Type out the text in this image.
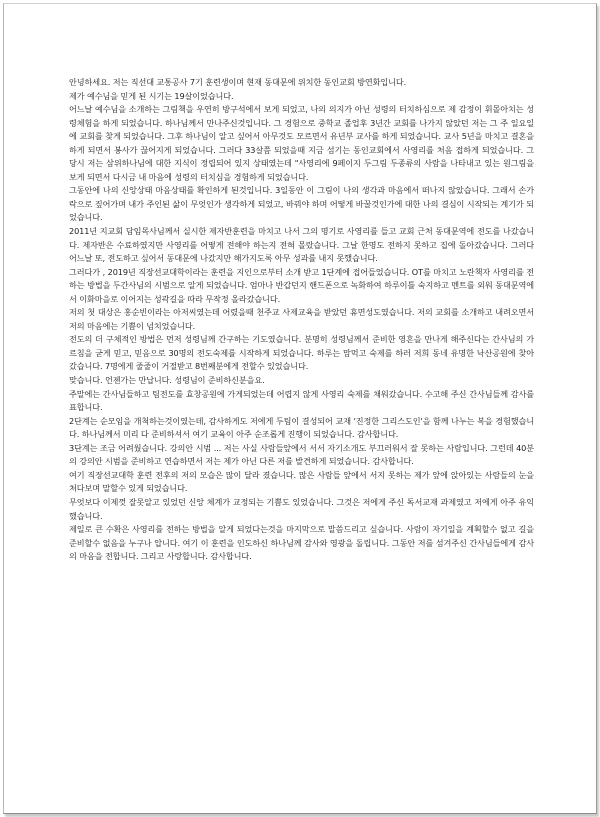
안녕하세요. 저는 직선대 교통공사 7기 훈련생이며 현재 동대문에 위치한 동인교회 방연화입니다.

제가 예수님을 믿게 된 시기는 19살이었습니다.

어느날 예수님을 소개하는 그림책을 우연히 방구석에서 보게 되었고, 나의 의지가 아닌 성령의 터치하심으로 제 감정이 휘몰아치는 성령체험을 하게 되었습니다. 하나님께서 만나주신것입니다. 그 경험으로 중학교 졸업후 3년간 교회를 나가지 않았던 저는 그 주 일요일에 교회를 찾게 되었습니다. 그후 하나님이 알고 싶어서 아무것도 모르면서 유년부 교사를 하게 되었습니다. 교사 5년을 마치고 결혼을 하게 되면서 봉사가 끊어지게 되었습니다. 그러다 33살쯤 되었을때 지금 섬기는 동인교회에서 사영리를 처음 접하게 되었습니다. 그 당시 저는 삼위하나님에 대한 지식이 정립되어 있지 상태였는데 "사영리에 9페이지 두그림 두종류의 사람을 나타내고 있는 원그림을 보게 되면서 다시금 내 마음에 성령의 터치심을 경험하게 되었습니다.

그동안에 나의 신앙상태 마음상태를 확인하게 된것입니다. 3일동안 이 그림이 나의 생각과 마음에서 떠나지 않았습니다. 그래서 손가락으로 짚어가며 내가 주인된 삶이 무엇인가 생각하게 되었고, 바꿔야 하며 어떻게 바꿀것인가에 대한 나의 결심이 시작되는 계기가 되었습니다.

2011년 지교회 담임목사님께서 실시한 제자반훈련을 마치고 나서 그의 명기로 사영리를 들고 교회 근처 동대문역에 전도를 나갔습니다. 제자반은 수료하였지만 사영리를 어떻게 전해야 하는지 전혀 몰랐습니다. 그날 한명도 전하지 못하고 집에 돌아갔습니다. 그러다 어느날 또, 전도하고 싶어서 동대문에 나갔지만 해가지도록 아무 성과를 내지 못했습니다.

그러다가 , 2019년 직장선교대학이라는 훈련을 지인으로부터 소개 받고 1단계에 접어들었습니다. OT를 마치고 노란책자 사영리를 전하는 방법을 두간사님의 시범으로 알게 되었습니다. 엄마나 반갑던지 핸드폰으로 녹화하여 하루이틀 숙지하고 멘트를 외워 동대문역에서 이화마을로 이어지는 성곽길을 따라 무작정 올라갔습니다.

저의 첫 대상은 홍순빈이라는 아저씨였는데 어렸을때 천주교 사제교육을 받았던 휴면성도였습니다. 저의 교회를 소개하고 내려오면서 저의 마음에는 기쁨이 넘치었습니다.

전도의 더 구체적인 방법은 먼저 성령님께 간구하는 기도였습니다. 분명히 성령님께서 준비한 영혼을 만나게 해주신다는 간사님의 가르침을 굳게 믿고, 믿음으로 30명의 전도숙제를 시작하게 되었습니다. 하루는 맘먹고 숙제를 하러 저희 동네 유명한 낙산공원에 찾아갔습니다. 7명에게 줄줄이 거절받고 8번째분에게 전할수 있었습니다.

맞습니다. 언젠가는 만납니다. 성령님이 준비하신분을요.

주말에는 간사님들하고 팀전도를 효창공원에 가게되었는데 어렵지 않게 사영리 숙제를 채워갔습니다. 수고해 주신 간사님들께 감사를 표합니다.

2단계는 순모임을 개척하는것이였는데, 감사하게도 저에게 두팀이 결성되어 교재 '진정한 그리스도인'을 함께 나누는 복을 경험했습니다. 하나님께서 미리 다 준비하셔서 여기 교육이 아주 순조롭게 진행이 되었습니다. 감사합니다.

3단계는 조금 어려웠습니다. 강의안 시범 ... 저는 사실 사람들앞에서 서서 자기소개도 부끄러워서 잘 못하는 사람입니다. 그런데 40분의 강의안 시범을 준비하고 연습하면서 저는 제가 아닌 다른 저를 발견하게 되었습니다. 감사합니다.

여기 직장선교대학 훈련 전후의 저의 모습은 많이 달라 졌습니다. 많은 사람들 앞에서 서지 못하는 제가 앞에 앉아있는 사람들의 눈을 쳐다보며 말할수 있게 되었습니다.

무엇보다 이제껏 잘못알고 있었던 신앙 체계가 교정되는 기쁨도 있었습니다. 그것은 저에게 주신 독서교재 과제였고 저에게 아주 유익했습니다.

제일로 큰 수확은 사영리를 전하는 방법을 알게 되었다는것을 마지막으로 말씀드리고 싶습니다. 사람이 자기일을 계획할수 없고 길을 준비할수 없음을 누구나 압니다. 여기 이 훈련을 인도하신 하나님께 감사와 영광을 돌립니다. 그동안 저를 섬겨주신 간사님들에게 감사의 마음을 전합니다. 그리고 사랑합니다. 감사합니다.
